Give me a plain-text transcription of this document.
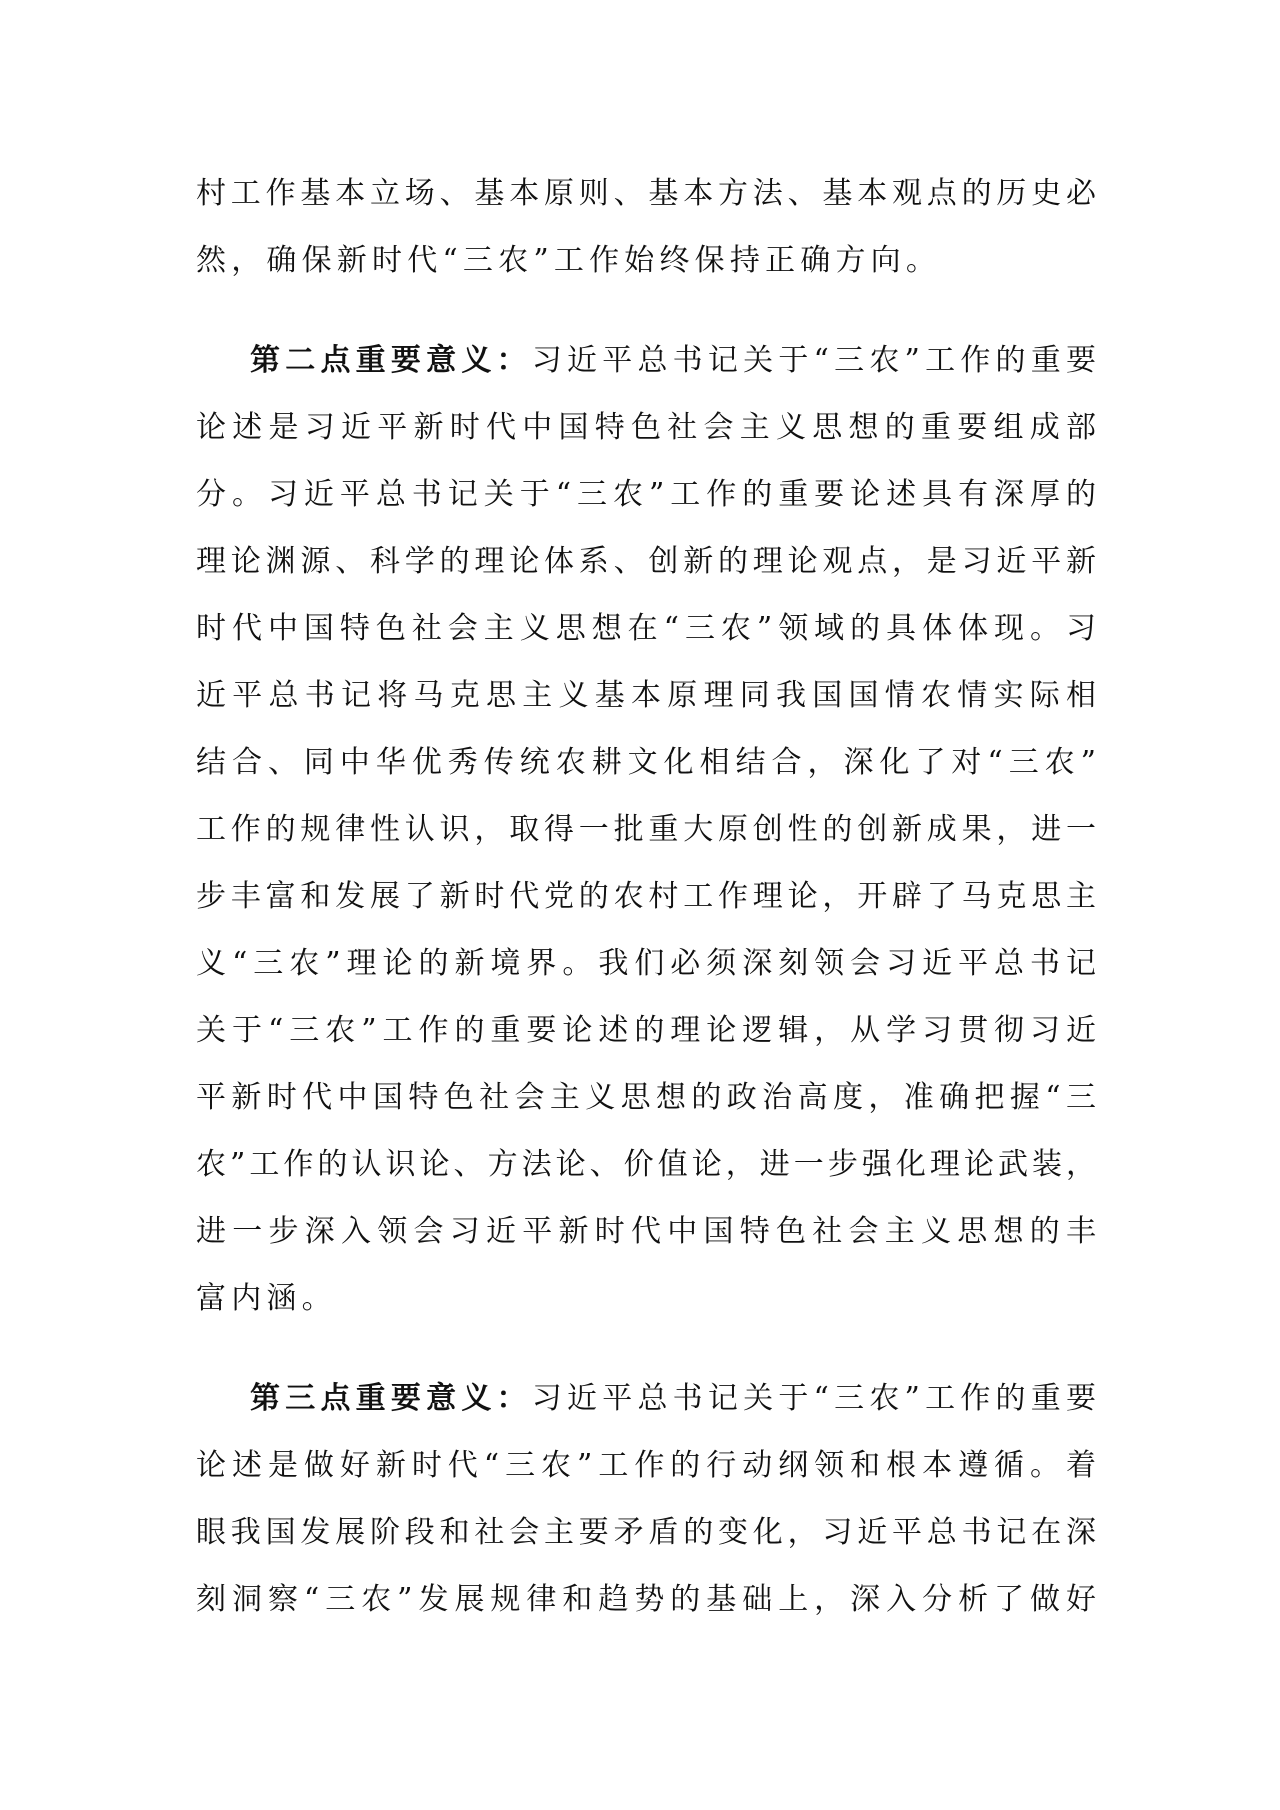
村工作基本立场、基本原则、基本方法、基本观点的历史必
然，确保新时代“三农”工作始终保持正确方向。
第二点重要意义：习近平总书记关于“三农”工作的重要
论述是习近平新时代中国特色社会主义思想的重要组成部
分。习近平总书记关于“三农”工作的重要论述具有深厚的
理论渊源、科学的理论体系、创新的理论观点，是习近平新
时代中国特色社会主义思想在“三农”领域的具体体现。习
近平总书记将马克思主义基本原理同我国国情农情实际相
结合、同中华优秀传统农耕文化相结合，深化了对“三农”
工作的规律性认识，取得一批重大原创性的创新成果，进一
步丰富和发展了新时代党的农村工作理论，开辟了马克思主
义“三农”理论的新境界。我们必须深刻领会习近平总书记
关于“三农”工作的重要论述的理论逻辑，从学习贯彻习近
平新时代中国特色社会主义思想的政治高度，准确把握“三
农”工作的认识论、方法论、价值论，进一步强化理论武装，
进一步深入领会习近平新时代中国特色社会主义思想的丰
富内涵。
第三点重要意义：习近平总书记关于“三农”工作的重要
论述是做好新时代“三农”工作的行动纲领和根本遵循。着
眼我国发展阶段和社会主要矛盾的变化，习近平总书记在深
刻洞察“三农”发展规律和趋势的基础上，深入分析了做好
